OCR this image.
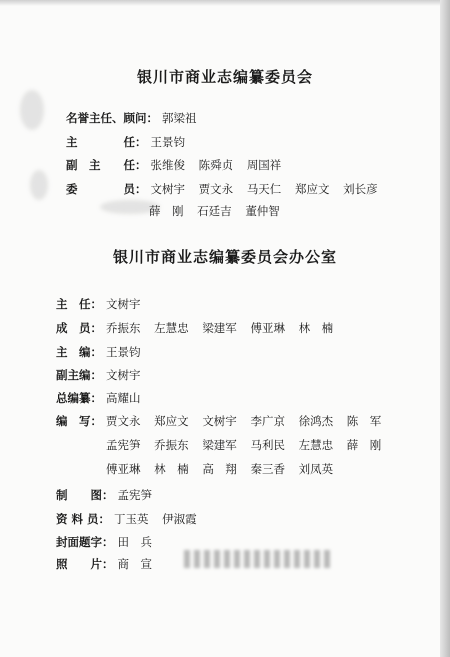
银川市商业志编纂委员会
名誉主任、顾问： 郭梁祖
主　　　　任： 王景钧
副　主　　任： 张维俊 陈舜贞 周国祥
委　　　　员： 文树宇 贾文永 马天仁 郑应文 刘长彦
薛　刚 石廷吉 董仲智
银川市商业志编纂委员会办公室
主　任： 文树宇
成　员： 乔振东 左慧忠 梁建军 傅亚琳 林　楠
主　编： 王景钧
副主编： 文树宇
总编纂： 高耀山
编　写： 贾文永 郑应文 文树宇 李广京 徐鸿杰 陈　军
孟宪笋 乔振东 梁建军 马利民 左慧忠 薛　刚
傅亚琳 林　楠 高　翔 秦三香 刘凤英
制　　图： 孟宪笋
资 料 员： 丁玉英 伊淑霞
封面题字： 田　兵
照　　片： 商　宣
